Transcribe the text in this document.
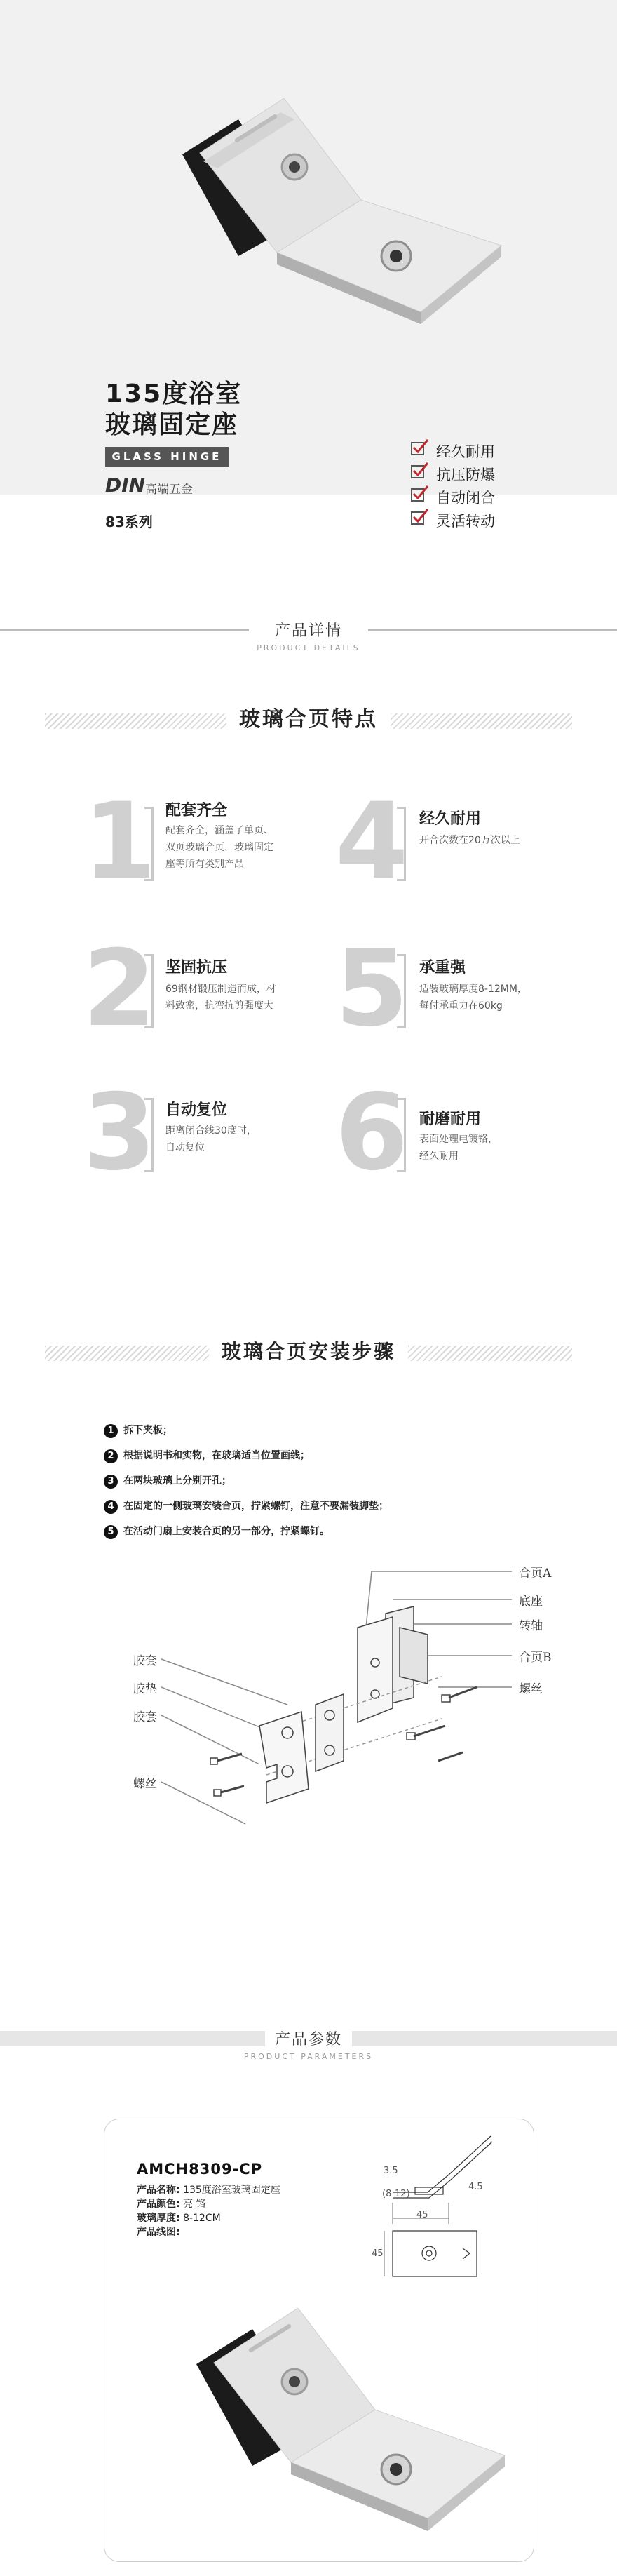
135度浴室
玻璃固定座
GLASS HINGE
DIN 高端五金
经久耐用
抗压防爆
自动闭合
83系列	灵活转动
产品详情
PRODUCT DETAILS
玻璃合页特点
1 配套齐全
配套齐全，涵盖了单页、
双页玻璃合页，玻璃固定
座等所有类别产品 4 经久耐用
开合次数在20万次以上
2 坚固抗压
69钢材锻压制造而成，材
料致密，抗弯抗剪强度大 5 承重强
适装玻璃厚度8-12MM，
每付承重力在60kg
3 自动复位
距离闭合线30度时，
自动复位	6 耐磨耐用
表面处理电镀铬，
经久耐用
玻璃合页安装步骤
1 拆下夹板；
2 根据说明书和实物，在玻璃适当位置画线；
3 在两块玻璃上分别开孔；
4 在固定的一侧玻璃安装合页，拧紧螺钉，注意不要漏装脚垫；
5 在活动门扇上安装合页的另一部分，拧紧螺钉。
合页A
底座
转轴
合页B
螺丝
胶套
胶垫
胶套
螺丝
产品参数
PRODUCT PARAMETERS
AMCH8309-CP
产品名称: 135度浴室玻璃固定座
产品颜色: 亮 铬
玻璃厚度: 8-12CM
产品线图:
3.5
(8-12)
4.5
45
45
